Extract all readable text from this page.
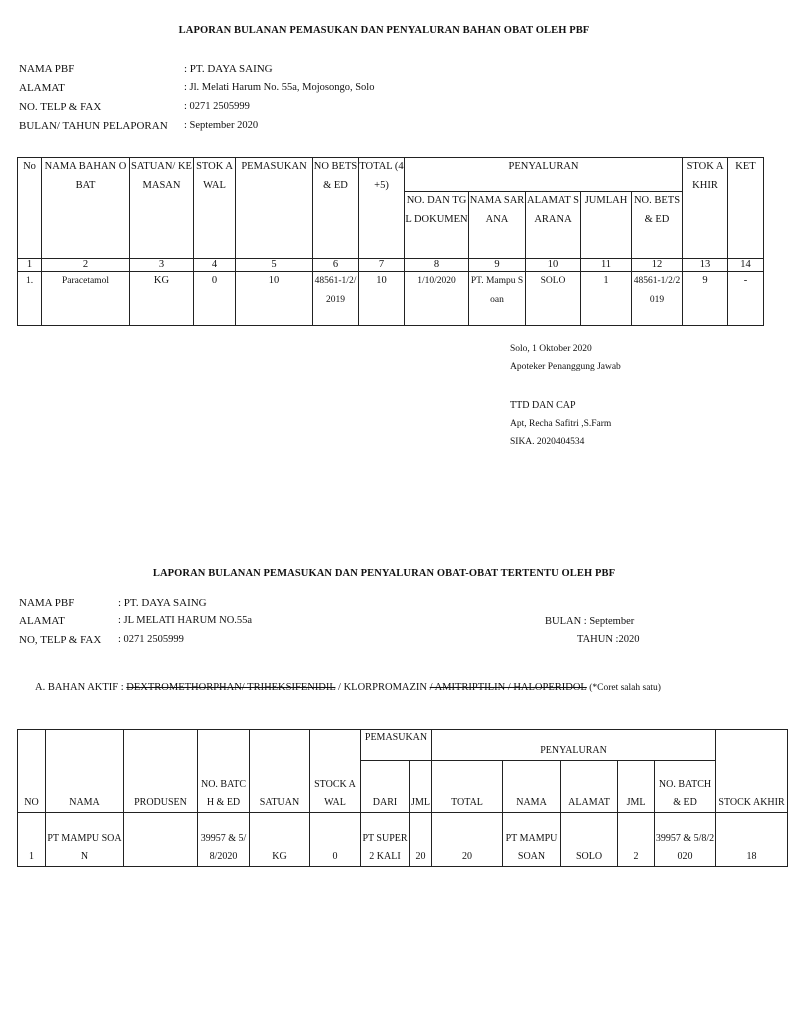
LAPORAN BULANAN PEMASUKAN DAN PENYALURAN BAHAN OBAT OLEH PBF
NAMA PBF	: PT. DAYA SAING
ALAMAT	: Jl. Melati Harum No. 55a, Mojosongo, Solo
NO. TELP & FAX	: 0271 2505999
BULAN/ TAHUN PELAPORAN : September 2020
No	NAMA BAHAN OBAT	SATUAN/ KEMASAN	STOK AWAL	PEMASUKAN	NO BETS & ED	TOTAL (4+5)	PENYALURAN					STOK AKHIR	KET
							NO. DAN TGL DOKUMEN	NAMA SARANA	ALAMAT SARANA	JUMLAH	NO. BETS & ED		
1	2	3	4	5	6	7	8	9	10	11	12	13	14
1.	Paracetamol	KG	0	10	48561-1/2/2019	10	1/10/2020	PT. Mampu Soan	SOLO	1	48561-1/2/2019	9	-
Solo, 1 Oktober 2020
Apoteker Penanggung Jawab
TTD DAN CAP
Apt, Recha Safitri ,S.Farm
SIKA. 2020404534
LAPORAN BULANAN PEMASUKAN DAN PENYALURAN OBAT-OBAT TERTENTU OLEH PBF
NAMA PBF	: PT. DAYA SAING
ALAMAT	: JL MELATI HARUM NO.55a
NO, TELP & FAX : 0271 2505999
BULAN : September
TAHUN :2020
A. BAHAN AKTIF : DEXTROMETHORPHAN/ TRIHEKSIFENIDIL / KLORPROMAZIN / AMITRIPTILIN / HALOPERIDOL (*Coret salah satu)
NO	NAMA	PRODUSEN	NO. BATCH & ED	SATUAN	STOCK AWAL	PEMASUKAN		PENYALURAN					STOCK AKHIR
						DARI	JML	TOTAL	NAMA	ALAMAT	JML	NO. BATCH & ED	
1	PT MAMPU SOAN		39957 & 5/8/2020	KG	0	PT SUPER 2 KALI	20	20	PT MAMPU SOAN	SOLO	2	39957 & 5/8/2020	18
